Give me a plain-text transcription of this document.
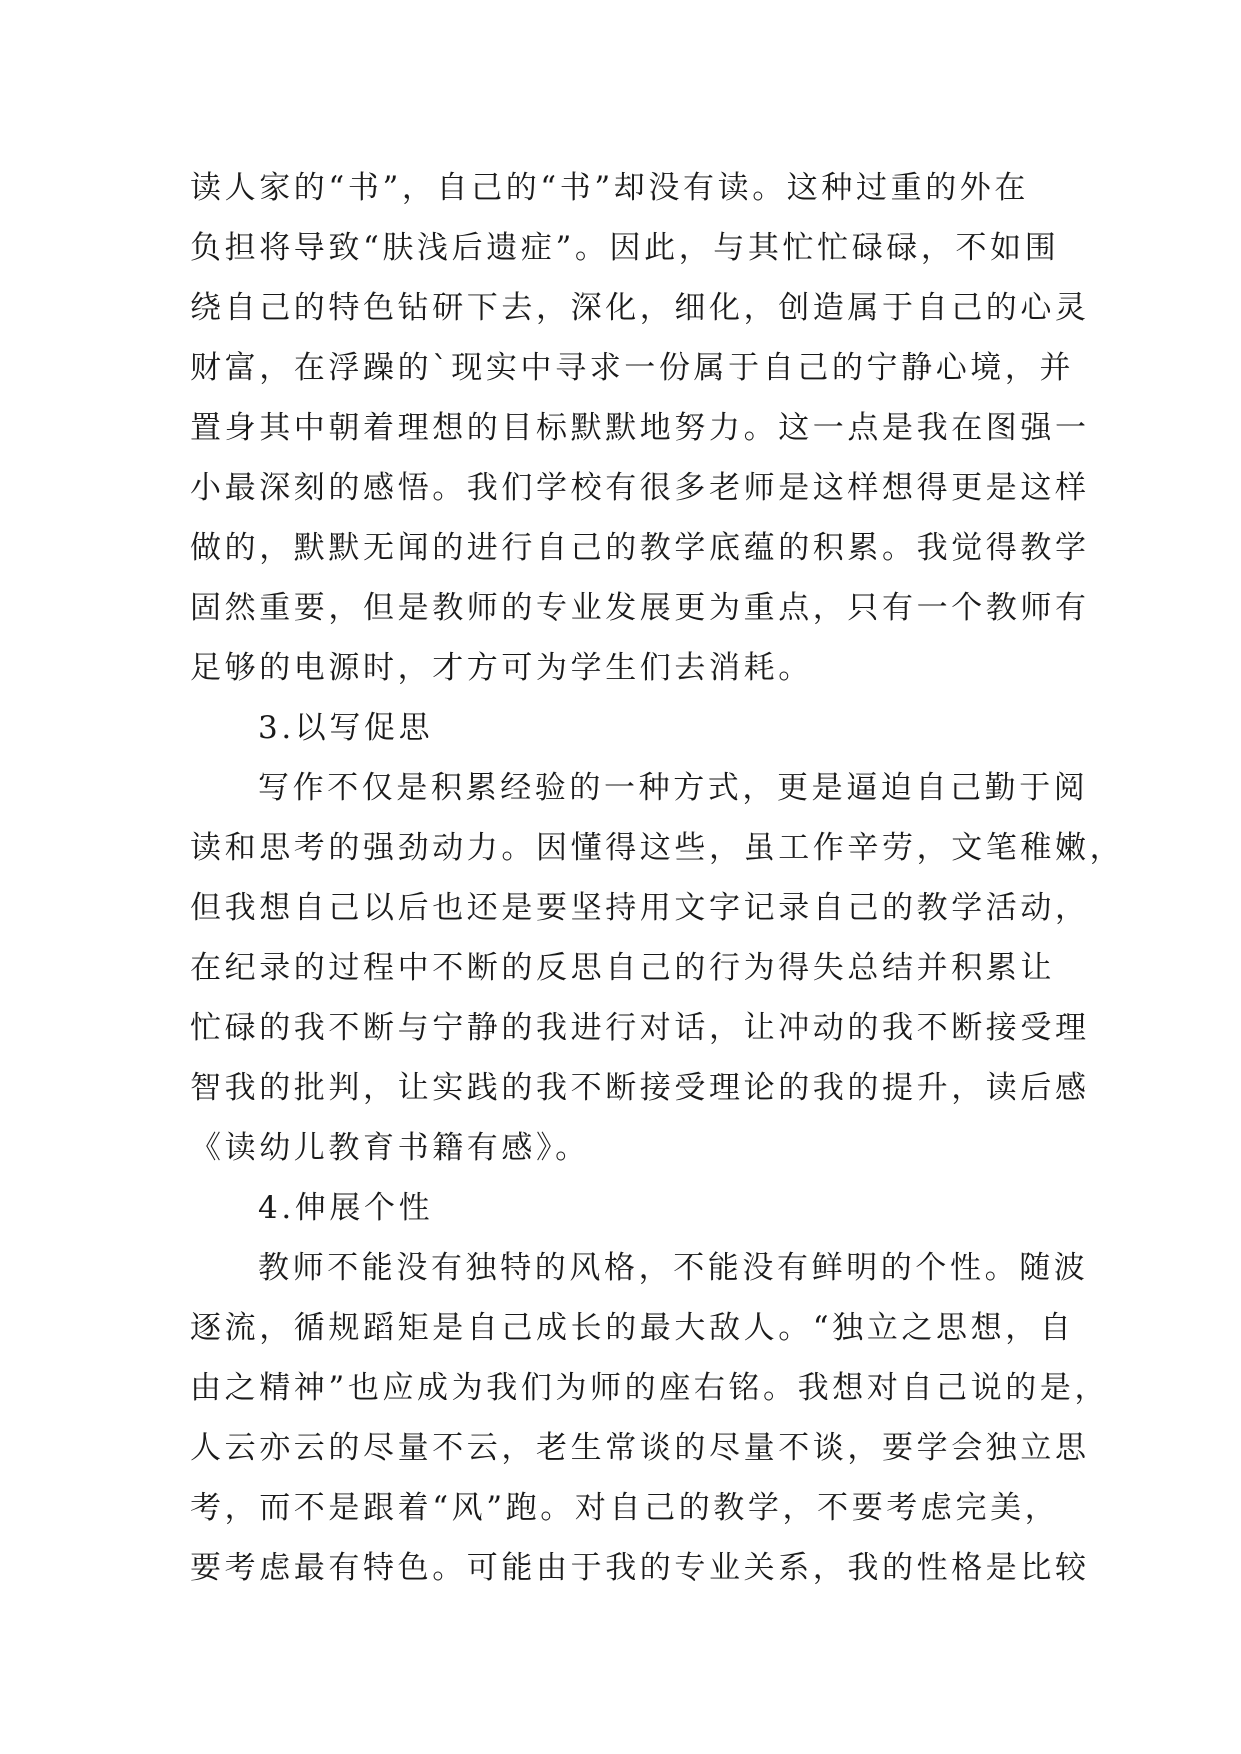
读人家的“书”，自己的“书”却没有读。这种过重的外在
负担将导致“肤浅后遗症”。因此，与其忙忙碌碌，不如围
绕自己的特色钻研下去，深化，细化，创造属于自己的心灵
财富，在浮躁的`现实中寻求一份属于自己的宁静心境，并
置身其中朝着理想的目标默默地努力。这一点是我在图强一
小最深刻的感悟。我们学校有很多老师是这样想得更是这样
做的，默默无闻的进行自己的教学底蕴的积累。我觉得教学
固然重要，但是教师的专业发展更为重点，只有一个教师有
足够的电源时，才方可为学生们去消耗。
3.以写促思
写作不仅是积累经验的一种方式，更是逼迫自己勤于阅
读和思考的强劲动力。因懂得这些，虽工作辛劳，文笔稚嫩，
但我想自己以后也还是要坚持用文字记录自己的教学活动，
在纪录的过程中不断的反思自己的行为得失总结并积累让
忙碌的我不断与宁静的我进行对话，让冲动的我不断接受理
智我的批判，让实践的我不断接受理论的我的提升，读后感
《读幼儿教育书籍有感》。
4.伸展个性
教师不能没有独特的风格，不能没有鲜明的个性。随波
逐流，循规蹈矩是自己成长的最大敌人。“独立之思想，自
由之精神”也应成为我们为师的座右铭。我想对自己说的是，
人云亦云的尽量不云，老生常谈的尽量不谈，要学会独立思
考，而不是跟着“风”跑。对自己的教学，不要考虑完美，
要考虑最有特色。可能由于我的专业关系，我的性格是比较
